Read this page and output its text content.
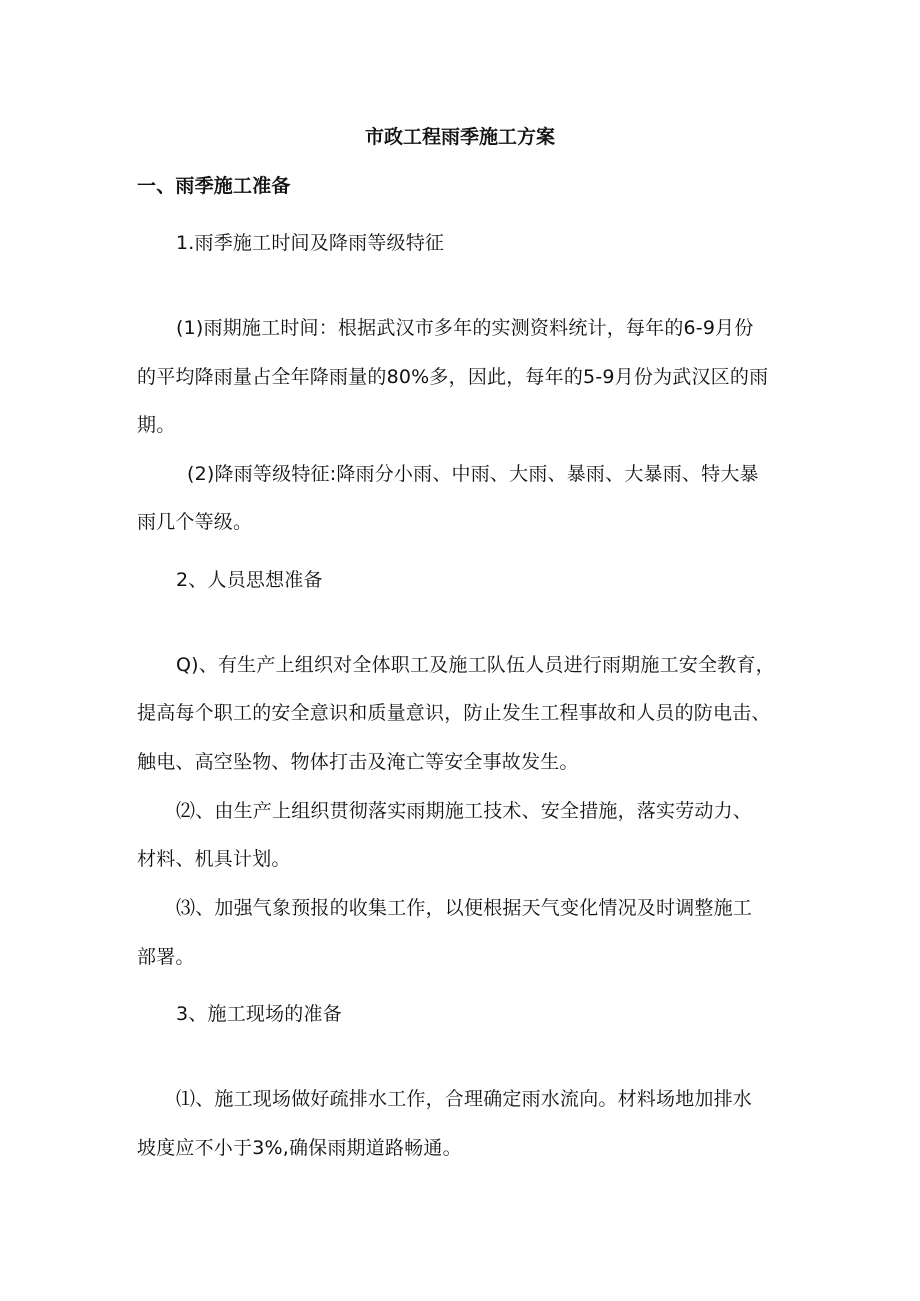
市政工程雨季施工方案
一、雨季施工准备
1.雨季施工时间及降雨等级特征
(1)雨期施工时间：根据武汉市多年的实测资料统计，每年的6-9月份
的平均降雨量占全年降雨量的80%多，因此，每年的5-9月份为武汉区的雨
期。
(2)降雨等级特征:降雨分小雨、中雨、大雨、暴雨、大暴雨、特大暴
雨几个等级。
2、人员思想准备
Q)、有生产上组织对全体职工及施工队伍人员进行雨期施工安全教育，
提高每个职工的安全意识和质量意识，防止发生工程事故和人员的防电击、
触电、高空坠物、物体打击及淹亡等安全事故发生。
⑵、由生产上组织贯彻落实雨期施工技术、安全措施，落实劳动力、
材料、机具计划。
⑶、加强气象预报的收集工作，以便根据天气变化情况及时调整施工
部署。
3、施工现场的准备
⑴、施工现场做好疏排水工作，合理确定雨水流向。材料场地加排水
坡度应不小于3%,确保雨期道路畅通。
